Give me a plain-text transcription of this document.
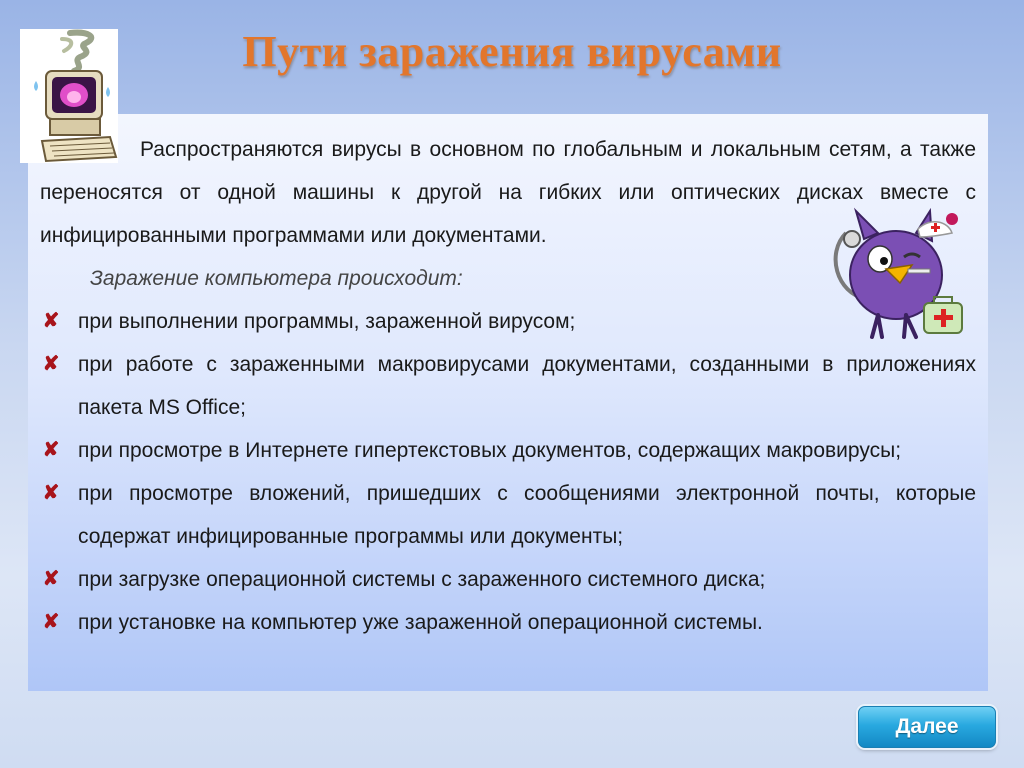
Пути заражения вирусами

Распространяются вирусы в основном по глобальным и локальным сетям, а также переносятся от одной машины к другой на гибких или оптических дисках вместе с инфицированными программами или документами.

Заражение компьютера происходит:

✘ при выполнении программы, зараженной вирусом;
✘ при работе с зараженными макровирусами документами, созданными в приложениях пакета MS Office;
✘ при просмотре в Интернете гипертекстовых документов, содержащих макровирусы;
✘ при просмотре вложений, пришедших с сообщениями электронной почты, которые содержат инфицированные программы или документы;
✘ при загрузке операционной системы с зараженного системного диска;
✘ при установке на компьютер уже зараженной операционной системы.
Далее
